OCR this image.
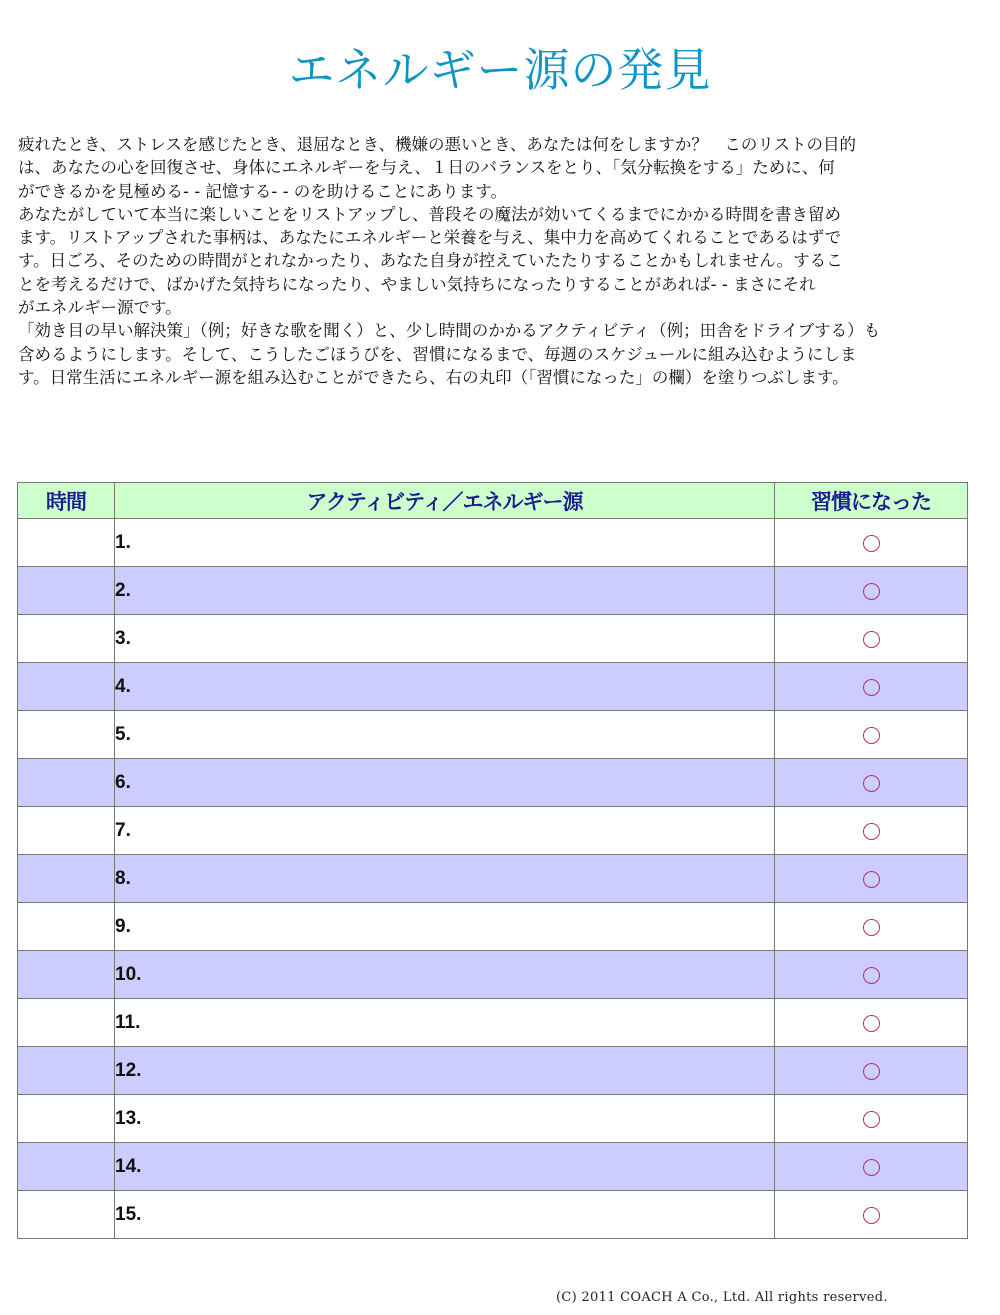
エネルギー源の発見

疲れたとき、ストレスを感じたとき、退屈なとき、機嫌の悪いとき、あなたは何をしますか？　このリストの目的

は、あなたの心を回復させ、身体にエネルギーを与え、１日のバランスをとり、「気分転換をする」ために、何

ができるかを見極める‐ ‐ 記憶する‐ ‐ のを助けることにあります。

あなたがしていて本当に楽しいことをリストアップし、普段その魔法が効いてくるまでにかかる時間を書き留め

ます。リストアップされた事柄は、あなたにエネルギーと栄養を与え、集中力を高めてくれることであるはずで

す。日ごろ、そのための時間がとれなかったり、あなた自身が控えていたたりすることかもしれません。するこ

とを考えるだけで、ばかげた気持ちになったり、やましい気持ちになったりすることがあれば‐ ‐ まさにそれ

がエネルギー源です。

「効き目の早い解決策」（例；好きな歌を聞く）と、少し時間のかかるアクティビティ（例；田舎をドライブする）も

含めるようにします。そして、こうしたごほうびを、習慣になるまで、毎週のスケジュールに組み込むようにしま

す。日常生活にエネルギー源を組み込むことができたら、右の丸印（「習慣になった」の欄）を塗りつぶします。

時間	アクティビティ／エネルギー源	習慣になった
	1.	
	2.	
	3.	
	4.	
	5.	
	6.	
	7.	
	8.	
	9.	
	10.	
	11.	
	12.	
	13.	
	14.	
	15.	
(C) 2011 COACH A Co., Ltd. All rights reserved.
